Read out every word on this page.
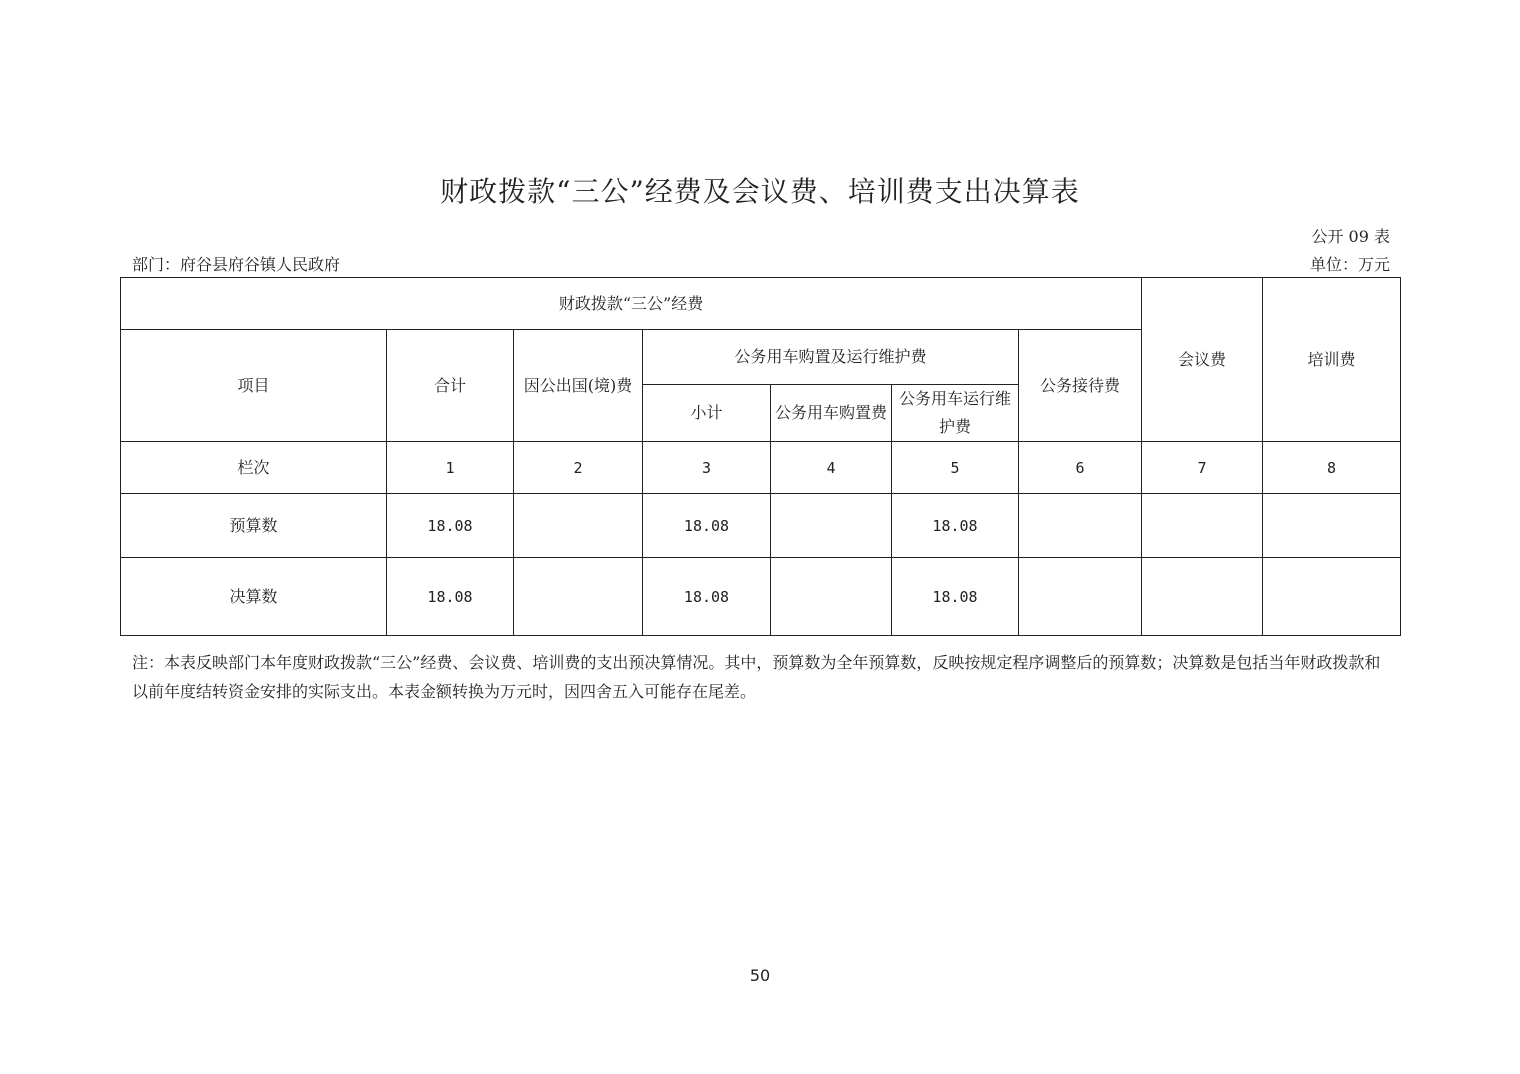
财政拨款“三公”经费及会议费、培训费支出决算表
公开 09 表
部门：府谷县府谷镇人民政府	单位：万元
财政拨款“三公”经费							会议费	培训费
项目	合计	因公出国(境)费	公务用车购置及运行维护费			公务接待费		
			小计	公务用车购置费	公务用车运行维护费			
栏次	1	2	3	4	5	6	7	8
预算数	18.08		18.08		18.08			
决算数	18.08		18.08		18.08			
注：本表反映部门本年度财政拨款“三公”经费、会议费、培训费的支出预决算情况。其中，预算数为全年预算数，反映按规定程序调整后的预算数；决算数是包括当年财政拨款和以前年度结转资金安排的实际支出。本表金额转换为万元时，因四舍五入可能存在尾差。
50
